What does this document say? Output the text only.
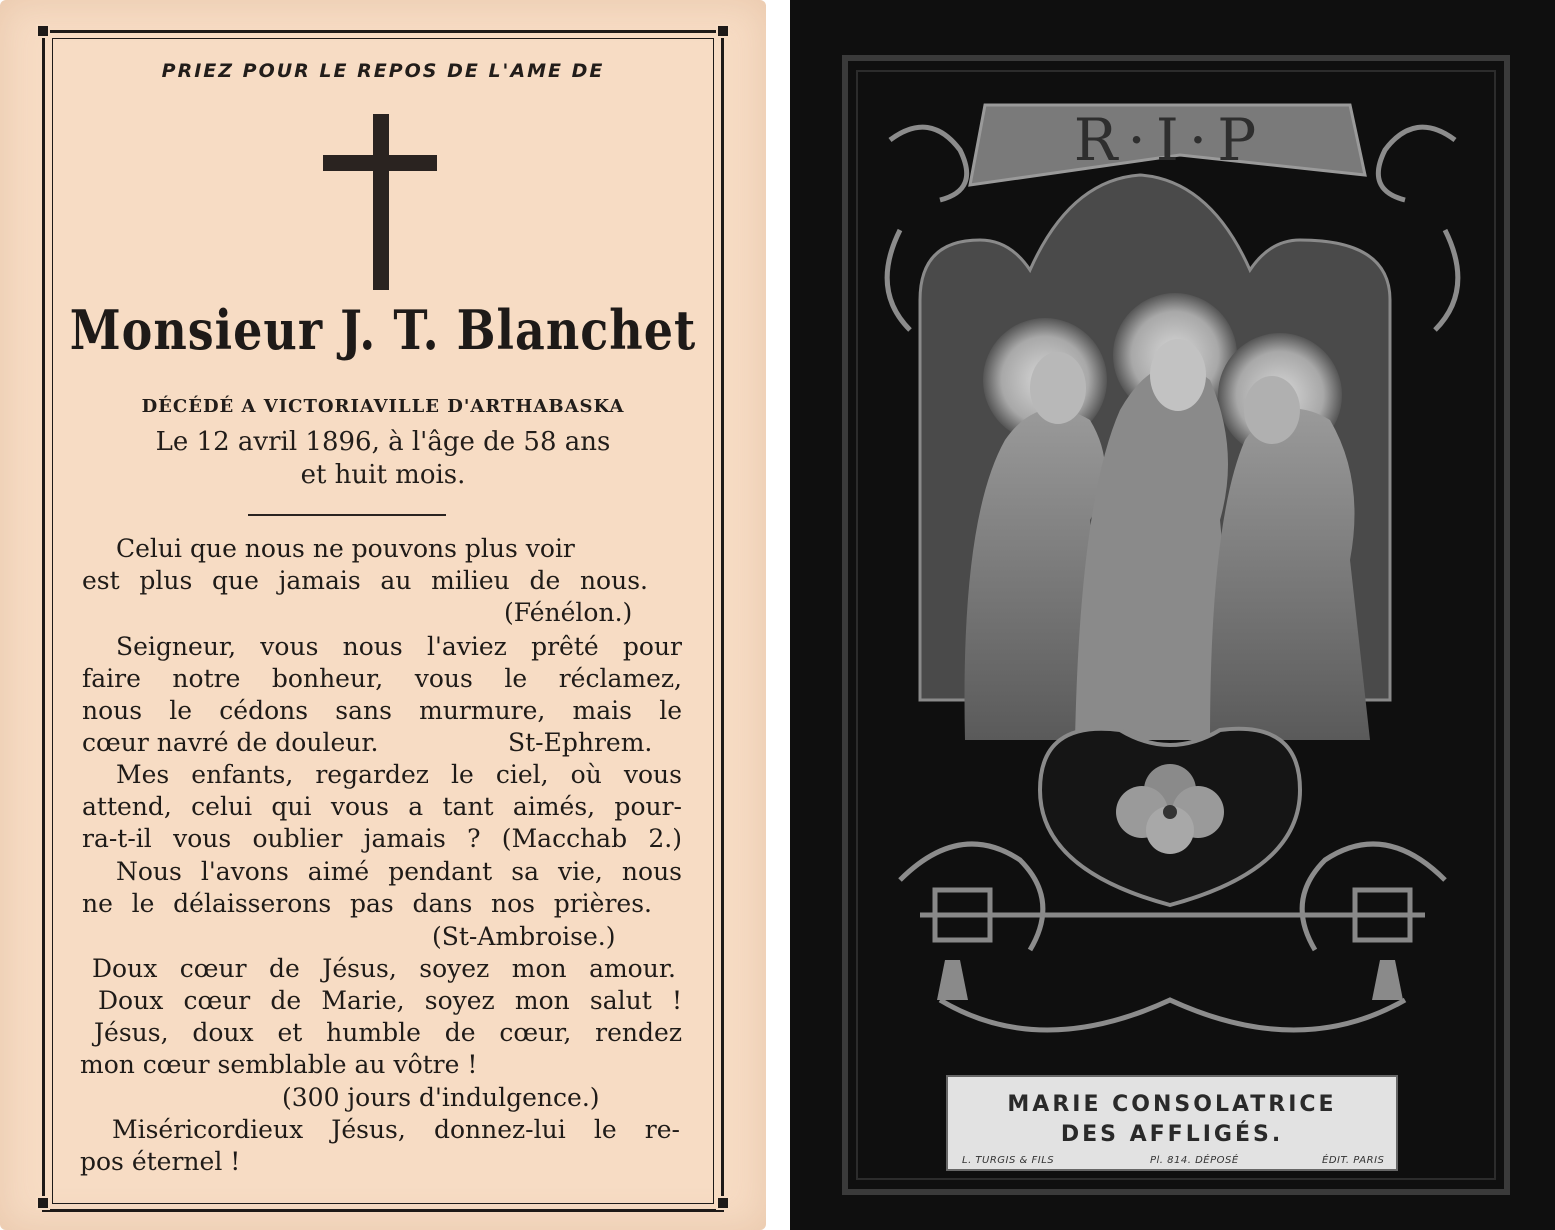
PRIEZ POUR LE REPOS DE L'AME DE
Monsieur J. T. Blanchet
DÉCÉDÉ A VICTORIAVILLE D'ARTHABASKA
Le 12 avril 1896, à l'âge de 58 ans
et huit mois.
Celui que nous ne pouvons plus voir
est plus que jamais au milieu de nous.
(Fénélon.)
Seigneur, vous nous l'aviez prêté pour
faire notre bonheur, vous le réclamez,
nous le cédons sans murmure, mais le
cœur navré de douleur.	St-Ephrem.
Mes enfants, regardez le ciel, où vous
attend, celui qui vous a tant aimés, pour-
ra-t-il vous oublier jamais ? (Macchab 2.)
Nous l'avons aimé pendant sa vie, nous
ne le délaisserons pas dans nos prières.
(St-Ambroise.)
Doux cœur de Jésus, soyez mon amour.
Doux cœur de Marie, soyez mon salut !
Jésus, doux et humble de cœur, rendez
mon cœur semblable au vôtre !
(300 jours d'indulgence.)
Miséricordieux Jésus, donnez-lui le re-
pos éternel !
R·I·P
MARIE CONSOLATRICE
DES AFFLIGÉS.
L. TURGIS & FILS	Pl. 814. DÉPOSÉ	ÉDIT. PARIS
